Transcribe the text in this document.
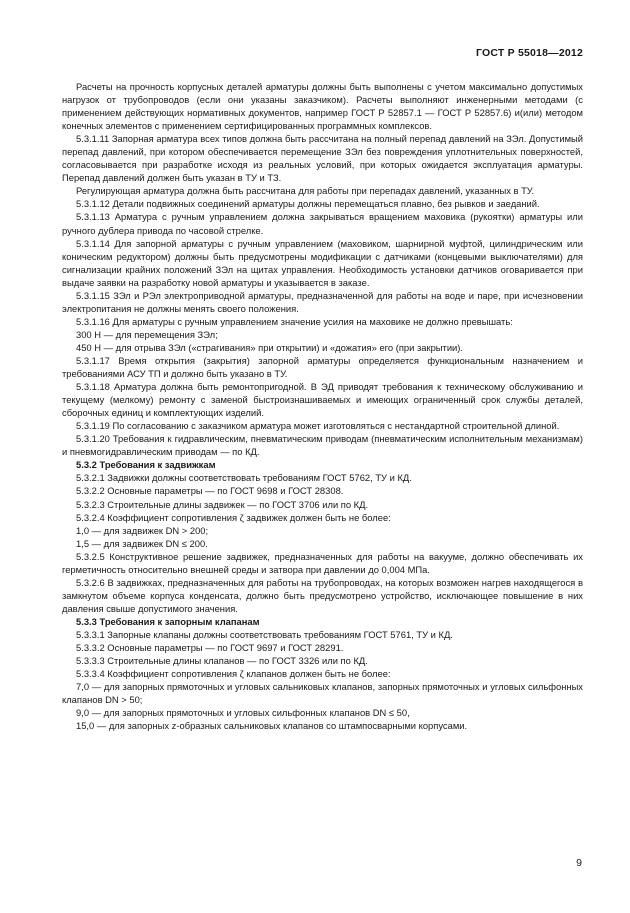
ГОСТ Р 55018—2012

Расчеты на прочность корпусных деталей арматуры должны быть выполнены с учетом максимально допустимых нагрузок от трубопроводов (если они указаны заказчиком). Расчеты выполняют инженерными методами (с применением действующих нормативных документов, например ГОСТ Р 52857.1 — ГОСТ Р 52857.6) и(или) методом конечных элементов с применением сертифицированных программных комплексов.

5.3.1.11 Запорная арматура всех типов должна быть рассчитана на полный перепад давлений на ЗЭл. Допустимый перепад давлений, при котором обеспечивается перемещение ЗЭл без повреждения уплотнительных поверхностей, согласовывается при разработке исходя из реальных условий, при которых ожидается эксплуатация арматуры. Перепад давлений должен быть указан в ТУ и ТЗ.

Регулирующая арматура должна быть рассчитана для работы при перепадах давлений, указанных в ТУ.

5.3.1.12 Детали подвижных соединений арматуры должны перемещаться плавно, без рывков и заеданий.

5.3.1.13 Арматура с ручным управлением должна закрываться вращением маховика (рукоятки) арматуры или ручного дублера привода по часовой стрелке.

5.3.1.14 Для запорной арматуры с ручным управлением (маховиком, шарнирной муфтой, цилиндрическим или коническим редуктором) должны быть предусмотрены модификации с датчиками (концевыми выключателями) для сигнализации крайних положений ЗЭл на щитах управления. Необходимость установки датчиков оговаривается при выдаче заявки на разработку новой арматуры и указывается в заказе.

5.3.1.15 ЗЭл и РЭл электроприводной арматуры, предназначенной для работы на воде и паре, при исчезновении электропитания не должны менять своего положения.

5.3.1.16 Для арматуры с ручным управлением значение усилия на маховике не должно превышать:

300 Н — для перемещения ЗЭл;

450 Н — для отрыва ЗЭл («страгивания» при открытии) и «дожатия» его (при закрытии).

5.3.1.17 Время открытия (закрытия) запорной арматуры определяется функциональным назначением и требованиями АСУ ТП и должно быть указано в ТУ.

5.3.1.18 Арматура должна быть ремонтопригодной. В ЭД приводят требования к техническому обслуживанию и текущему (мелкому) ремонту с заменой быстроизнашиваемых и имеющих ограниченный срок службы деталей, сборочных единиц и комплектующих изделий.

5.3.1.19 По согласованию с заказчиком арматура может изготовляться с нестандартной строительной длиной.

5.3.1.20 Требования к гидравлическим, пневматическим приводам (пневматическим исполнительным механизмам) и пневмогидравлическим приводам — по КД.

5.3.2 Требования к задвижкам

5.3.2.1 Задвижки должны соответствовать требованиям ГОСТ 5762, ТУ и КД.

5.3.2.2 Основные параметры — по ГОСТ 9698 и ГОСТ 28308.

5.3.2.3 Строительные длины задвижек — по ГОСТ 3706 или по КД.

5.3.2.4 Коэффициент сопротивления ζ задвижек должен быть не более:

1,0 — для задвижек DN > 200;

1,5 — для задвижек DN ≤ 200.

5.3.2.5 Конструктивное решение задвижек, предназначенных для работы на вакууме, должно обеспечивать их герметичность относительно внешней среды и затвора при давлении до 0,004 МПа.

5.3.2.6 В задвижках, предназначенных для работы на трубопроводах, на которых возможен нагрев находящегося в замкнутом объеме корпуса конденсата, должно быть предусмотрено устройство, исключающее повышение в них давления свыше допустимого значения.

5.3.3 Требования к запорным клапанам

5.3.3.1 Запорные клапаны должны соответствовать требованиям ГОСТ 5761, ТУ и КД.

5.3.3.2 Основные параметры — по ГОСТ 9697 и ГОСТ 28291.

5.3.3.3 Строительные длины клапанов — по ГОСТ 3326 или по КД.

5.3.3.4 Коэффициент сопротивления ζ клапанов должен быть не более:

7,0 — для запорных прямоточных и угловых сальниковых клапанов, запорных прямоточных и угловых сильфонных клапанов DN > 50;

9,0 — для запорных прямоточных и угловых сильфонных клапанов DN ≤ 50,

15,0 — для запорных z-образных сальниковых клапанов со штампосварными корпусами.

9
